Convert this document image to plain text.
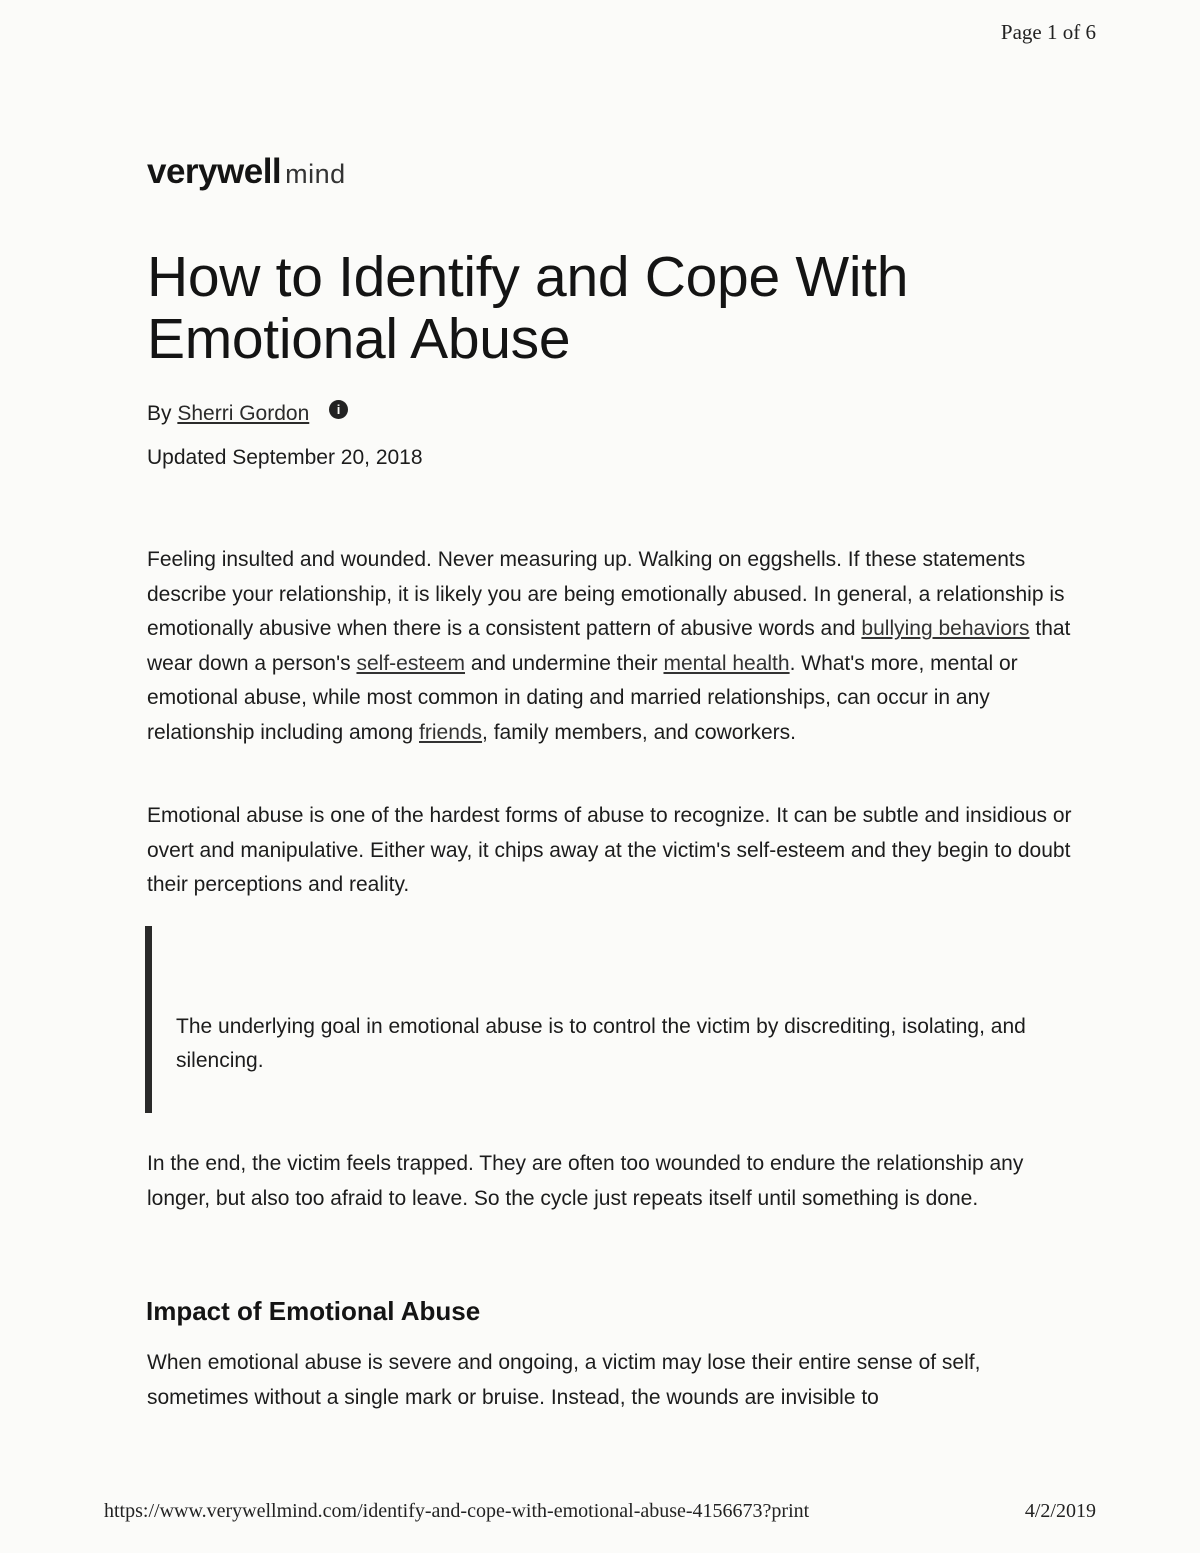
Page 1 of 6
verywell mind
How to Identify and Cope With Emotional Abuse
By Sherri Gordon i
Updated September 20, 2018

Feeling insulted and wounded. Never measuring up. Walking on eggshells. If these statements describe your relationship, it is likely you are being emotionally abused. In general, a relationship is emotionally abusive when there is a consistent pattern of abusive words and bullying behaviors that wear down a person's self-esteem and undermine their mental health. What's more, mental or emotional abuse, while most common in dating and married relationships, can occur in any relationship including among friends, family members, and coworkers.

Emotional abuse is one of the hardest forms of abuse to recognize. It can be subtle and insidious or overt and manipulative. Either way, it chips away at the victim's self-esteem and they begin to doubt their perceptions and reality.

The underlying goal in emotional abuse is to control the victim by discrediting, isolating, and silencing.

In the end, the victim feels trapped. They are often too wounded to endure the relationship any longer, but also too afraid to leave. So the cycle just repeats itself until something is done.

Impact of Emotional Abuse

When emotional abuse is severe and ongoing, a victim may lose their entire sense of self, sometimes without a single mark or bruise. Instead, the wounds are invisible to

https://www.verywellmind.com/identify-and-cope-with-emotional-abuse-4156673?print	4/2/2019
